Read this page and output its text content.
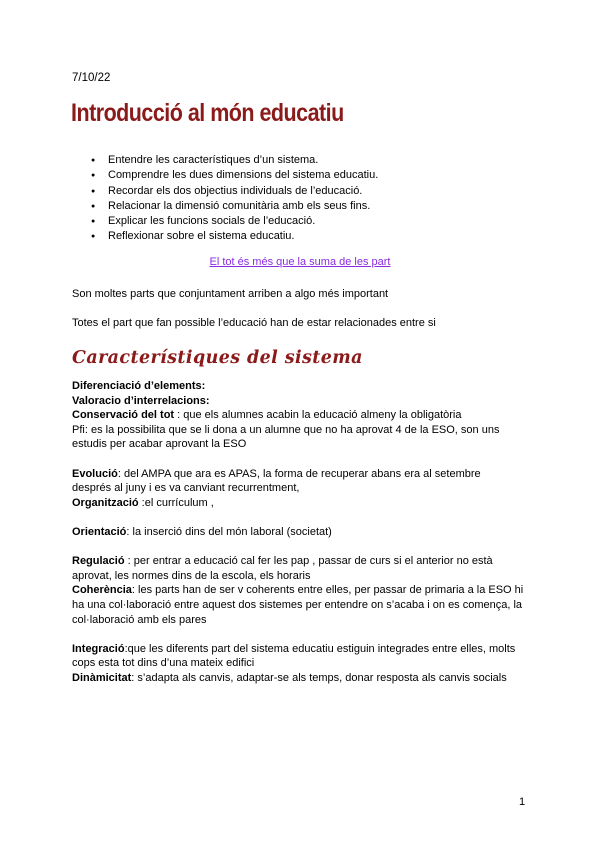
7/10/22
Introducció al món educatiu
● Entendre les característiques d’un sistema.
● Comprendre les dues dimensions del sistema educatiu.
● Recordar els dos objectius individuals de l’educació.
● Relacionar la dimensió comunitària amb els seus fins.
● Explicar les funcions socials de l’educació.
● Reflexionar sobre el sistema educatiu.
El tot és més que la suma de les part
Son moltes parts que conjuntament arriben a algo més important
Totes el part que fan possible l’educació han de estar relacionades entre si
Característiques del sistema
Diferenciació d’elements:
Valoracio d’interrelacions:
Conservació del tot : que els alumnes acabin la educació almeny la obligatòria
Pfi: es la possibilita que se li dona a un alumne que no ha aprovat 4 de la ESO, son uns
estudis per acabar aprovant la ESO
Evolució: del AMPA que ara es APAS, la forma de recuperar abans era al setembre
després al juny i es va canviant recurrentment,
Organització :el currículum ,
Orientació: la inserció dins del món laboral (societat)
Regulació : per entrar a educació cal fer les pap , passar de curs si el anterior no està
aprovat, les normes dins de la escola, els horaris
Coherència: les parts han de ser v coherents entre elles, per passar de primaria a la ESO hi
ha una col·laboració entre aquest dos sistemes per entendre on s’acaba i on es comença, la
col·laboració amb els pares
Integració:que les diferents part del sistema educatiu estiguin integrades entre elles, molts
cops esta tot dins d’una mateix edifici
Dinàmicitat: s’adapta als canvis, adaptar-se als temps, donar resposta als canvis socials
1
